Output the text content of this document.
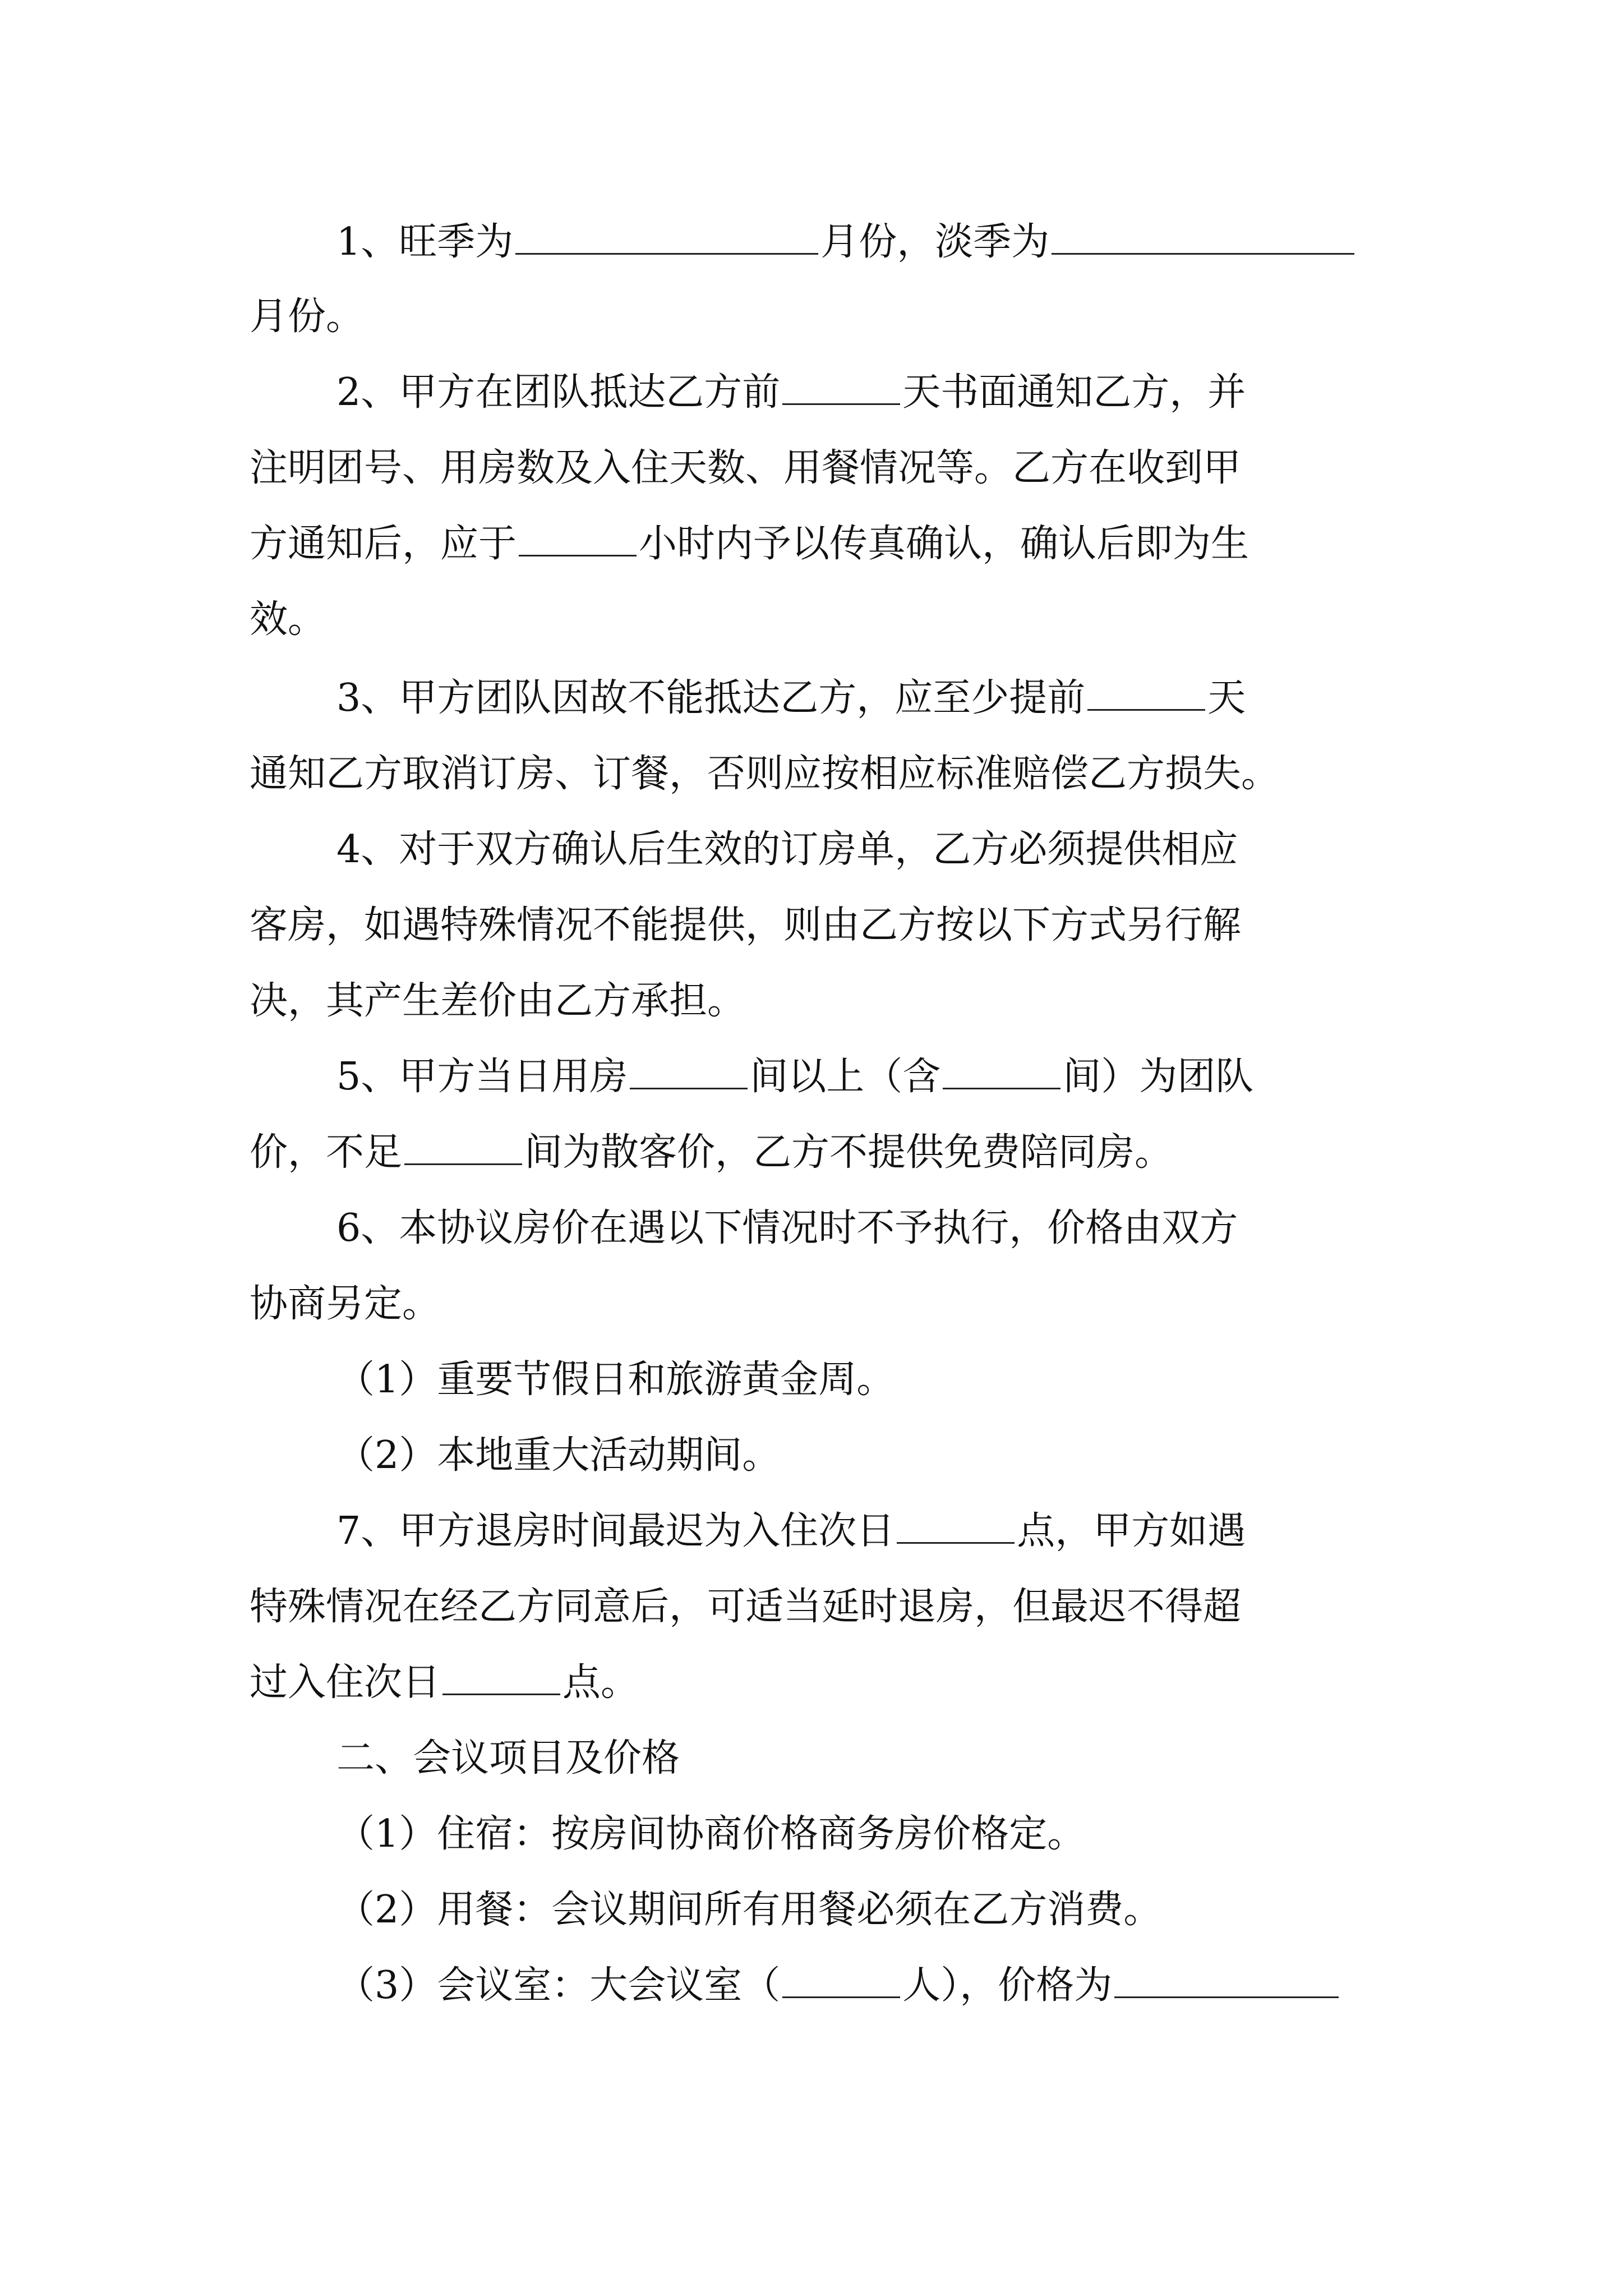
1、旺季为	月份，淡季为
月份。
2、甲方在团队抵达乙方前	天书面通知乙方，并
注明团号、用房数及入住天数、用餐情况等。乙方在收到甲
方通知后，应于	小时内予以传真确认，确认后即为生
效。
3、甲方团队因故不能抵达乙方，应至少提前	天
通知乙方取消订房、订餐，否则应按相应标准赔偿乙方损失。
4、对于双方确认后生效的订房单，乙方必须提供相应
客房，如遇特殊情况不能提供，则由乙方按以下方式另行解
决，其产生差价由乙方承担。
5、甲方当日用房	间以上（含	间）为团队
价，不足	间为散客价，乙方不提供免费陪同房。
6、本协议房价在遇以下情况时不予执行，价格由双方
协商另定。
（1）重要节假日和旅游黄金周。
（2）本地重大活动期间。
7、甲方退房时间最迟为入住次日	点，甲方如遇
特殊情况在经乙方同意后，可适当延时退房，但最迟不得超
过入住次日	点。
二、会议项目及价格
（1）住宿：按房间协商价格商务房价格定。
（2）用餐：会议期间所有用餐必须在乙方消费。
（3）会议室：大会议室（	人），价格为
